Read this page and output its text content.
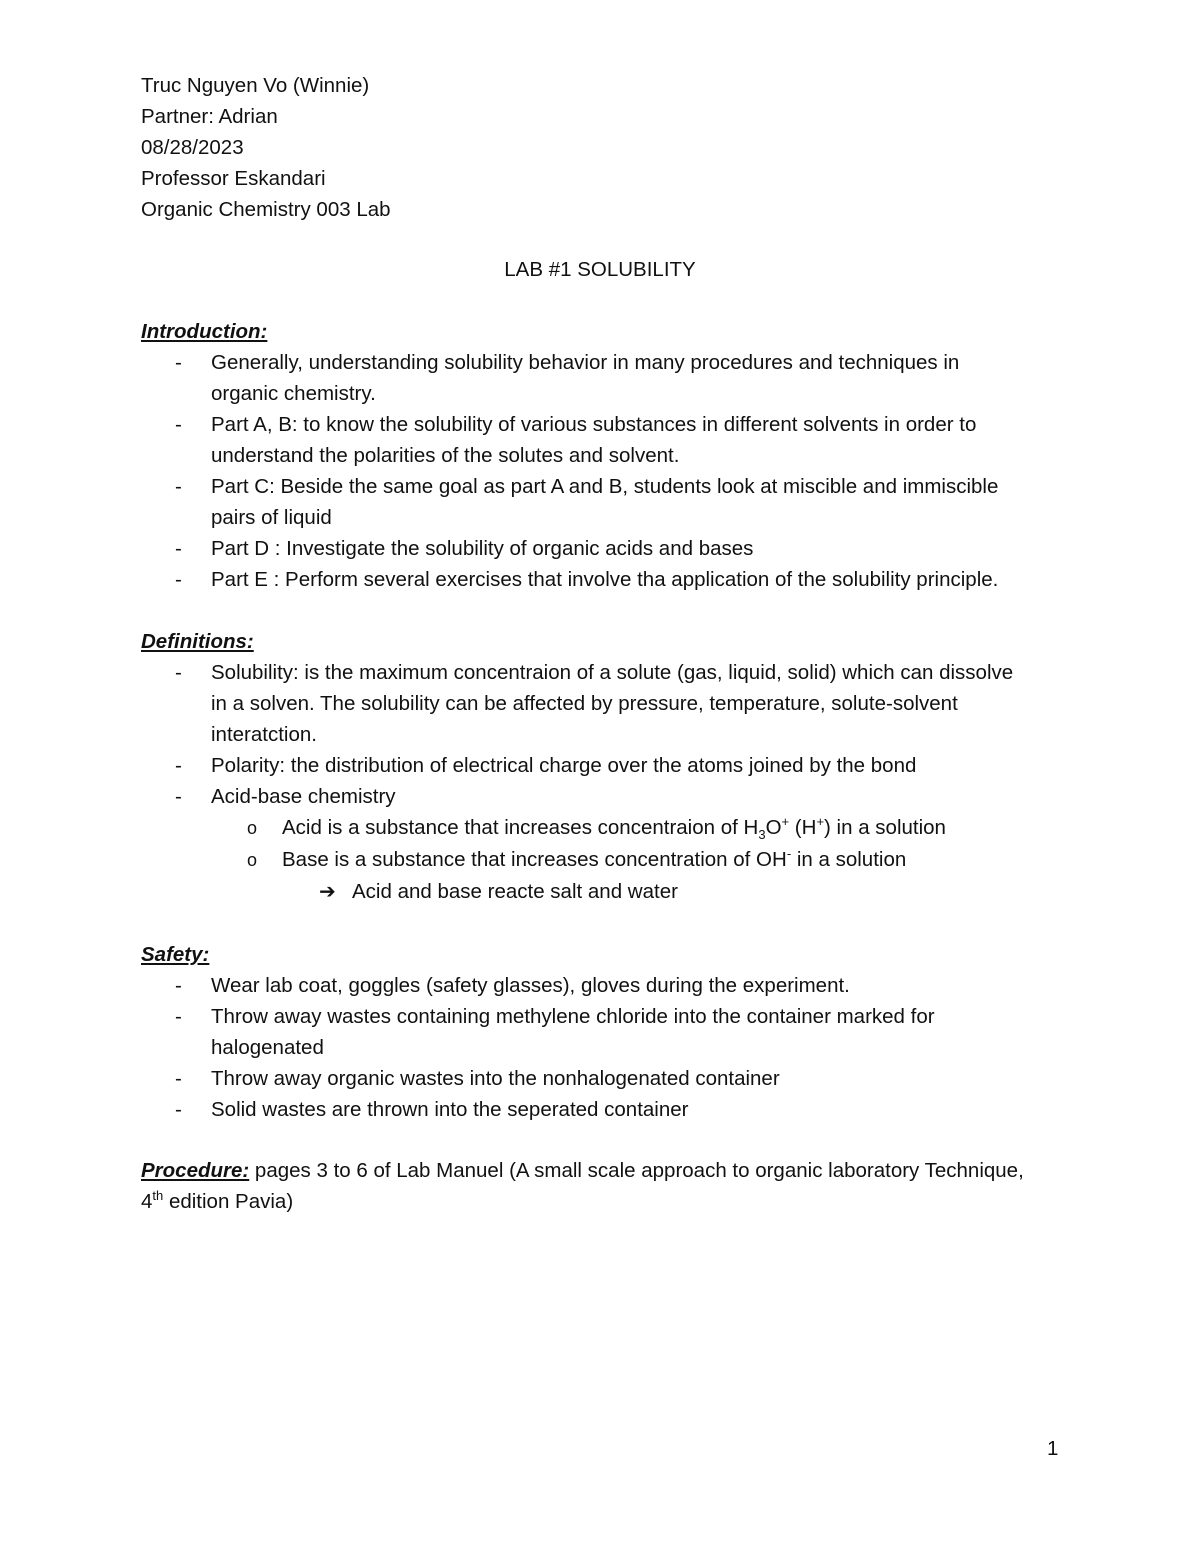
Truc Nguyen Vo (Winnie)
Partner: Adrian
08/28/2023
Professor Eskandari
Organic Chemistry 003 Lab
LAB #1 SOLUBILITY
Introduction:
- Generally, understanding solubility behavior in many procedures and techniques in
organic chemistry.
- Part A, B: to know the solubility of various substances in different solvents in order to
understand the polarities of the solutes and solvent.
- Part C: Beside the same goal as part A and B, students look at miscible and immiscible
pairs of liquid
- Part D : Investigate the solubility of organic acids and bases
- Part E : Perform several exercises that involve tha application of the solubility principle.
Definitions:
- Solubility: is the maximum concentraion of a solute (gas, liquid, solid) which can dissolve
in a solven. The solubility can be affected by pressure, temperature, solute-solvent
interatction.
- Polarity: the distribution of electrical charge over the atoms joined by the bond
- Acid-base chemistry
o Acid is a substance that increases concentraion of $H_3O^+$ (H+) in a solution
o Base is a substance that increases concentration of OH- in a solution
➔ Acid and base reacte salt and water
Safety:
- Wear lab coat, goggles (safety glasses), gloves during the experiment.
- Throw away wastes containing methylene chloride into the container marked for
halogenated
- Throw away organic wastes into the nonhalogenated container
- Solid wastes are thrown into the seperated container
Procedure: pages 3 to 6 of Lab Manuel (A small scale approach to organic laboratory Technique,
4th edition Pavia)
1
